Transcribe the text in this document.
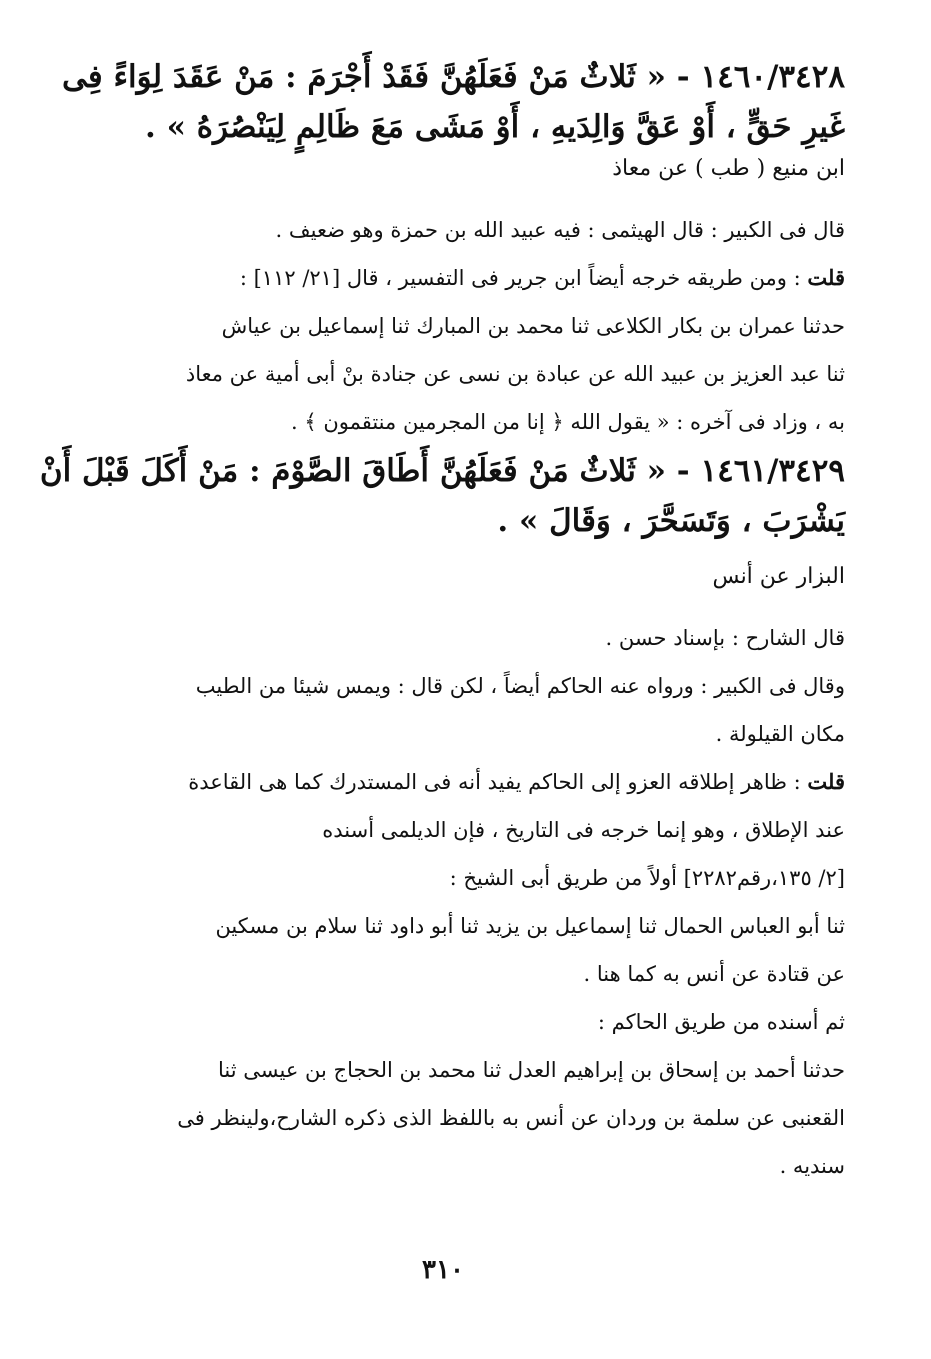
١٤٦٠/٣٤٢٨ - « ثَلاثٌ مَنْ فَعَلَهُنَّ فَقَدْ أَجْرَمَ : مَنْ عَقَدَ لِوَاءً فِى
غَيرِ حَقٍّ ، أَوْ عَقَّ وَالِدَيهِ ، أَوْ مَشَى مَعَ ظَالِمٍ لِيَنْصُرَهُ » .
ابن منيع ( طب ) عن معاذ
قال فى الكبير : قال الهيثمى : فيه عبيد الله بن حمزة وهو ضعيف .
قلت : ومن طريقه خرجه أيضاً ابن جرير فى التفسير ، قال [٢١/ ١١٢] :
حدثنا عمران بن بكار الكلاعى ثنا محمد بن المبارك ثنا إسماعيل بن عياش
ثنا عبد العزيز بن عبيد الله عن عبادة بن نسى عن جنادة بنْ أبى أمية عن معاذ
به ، وزاد فى آخره : « يقول الله ﴿ إنا من المجرمين منتقمون ﴾ .
١٤٦١/٣٤٢٩ - « ثَلاثٌ مَنْ فَعَلَهُنَّ أَطَاقَ الصَّوْمَ : مَنْ أَكَلَ قَبْلَ أَنْ
يَشْرَبَ ، وَتَسَحَّرَ ، وَقَالَ » .
البزار عن أنس
قال الشارح : بإسناد حسن .
وقال فى الكبير : ورواه عنه الحاكم أيضاً ، لكن قال : ويمس شيئا من الطيب
مكان القيلولة .
قلت : ظاهر إطلاقه العزو إلى الحاكم يفيد أنه فى المستدرك كما هى القاعدة
عند الإطلاق ، وهو إنما خرجه فى التاريخ ، فإن الديلمى أسنده
[٢/ ١٣٥،رقم٢٢٨٢] أولاً من طريق أبى الشيخ :
ثنا أبو العباس الحمال ثنا إسماعيل بن يزيد ثنا أبو داود ثنا سلام بن مسكين
عن قتادة عن أنس به كما هنا .
ثم أسنده من طريق الحاكم :
حدثنا أحمد بن إسحاق بن إبراهيم العدل ثنا محمد بن الحجاج بن عيسى ثنا
القعنبى عن سلمة بن وردان عن أنس به باللفظ الذى ذكره الشارح،ولينظر فى
سنديه .
٣١٠
